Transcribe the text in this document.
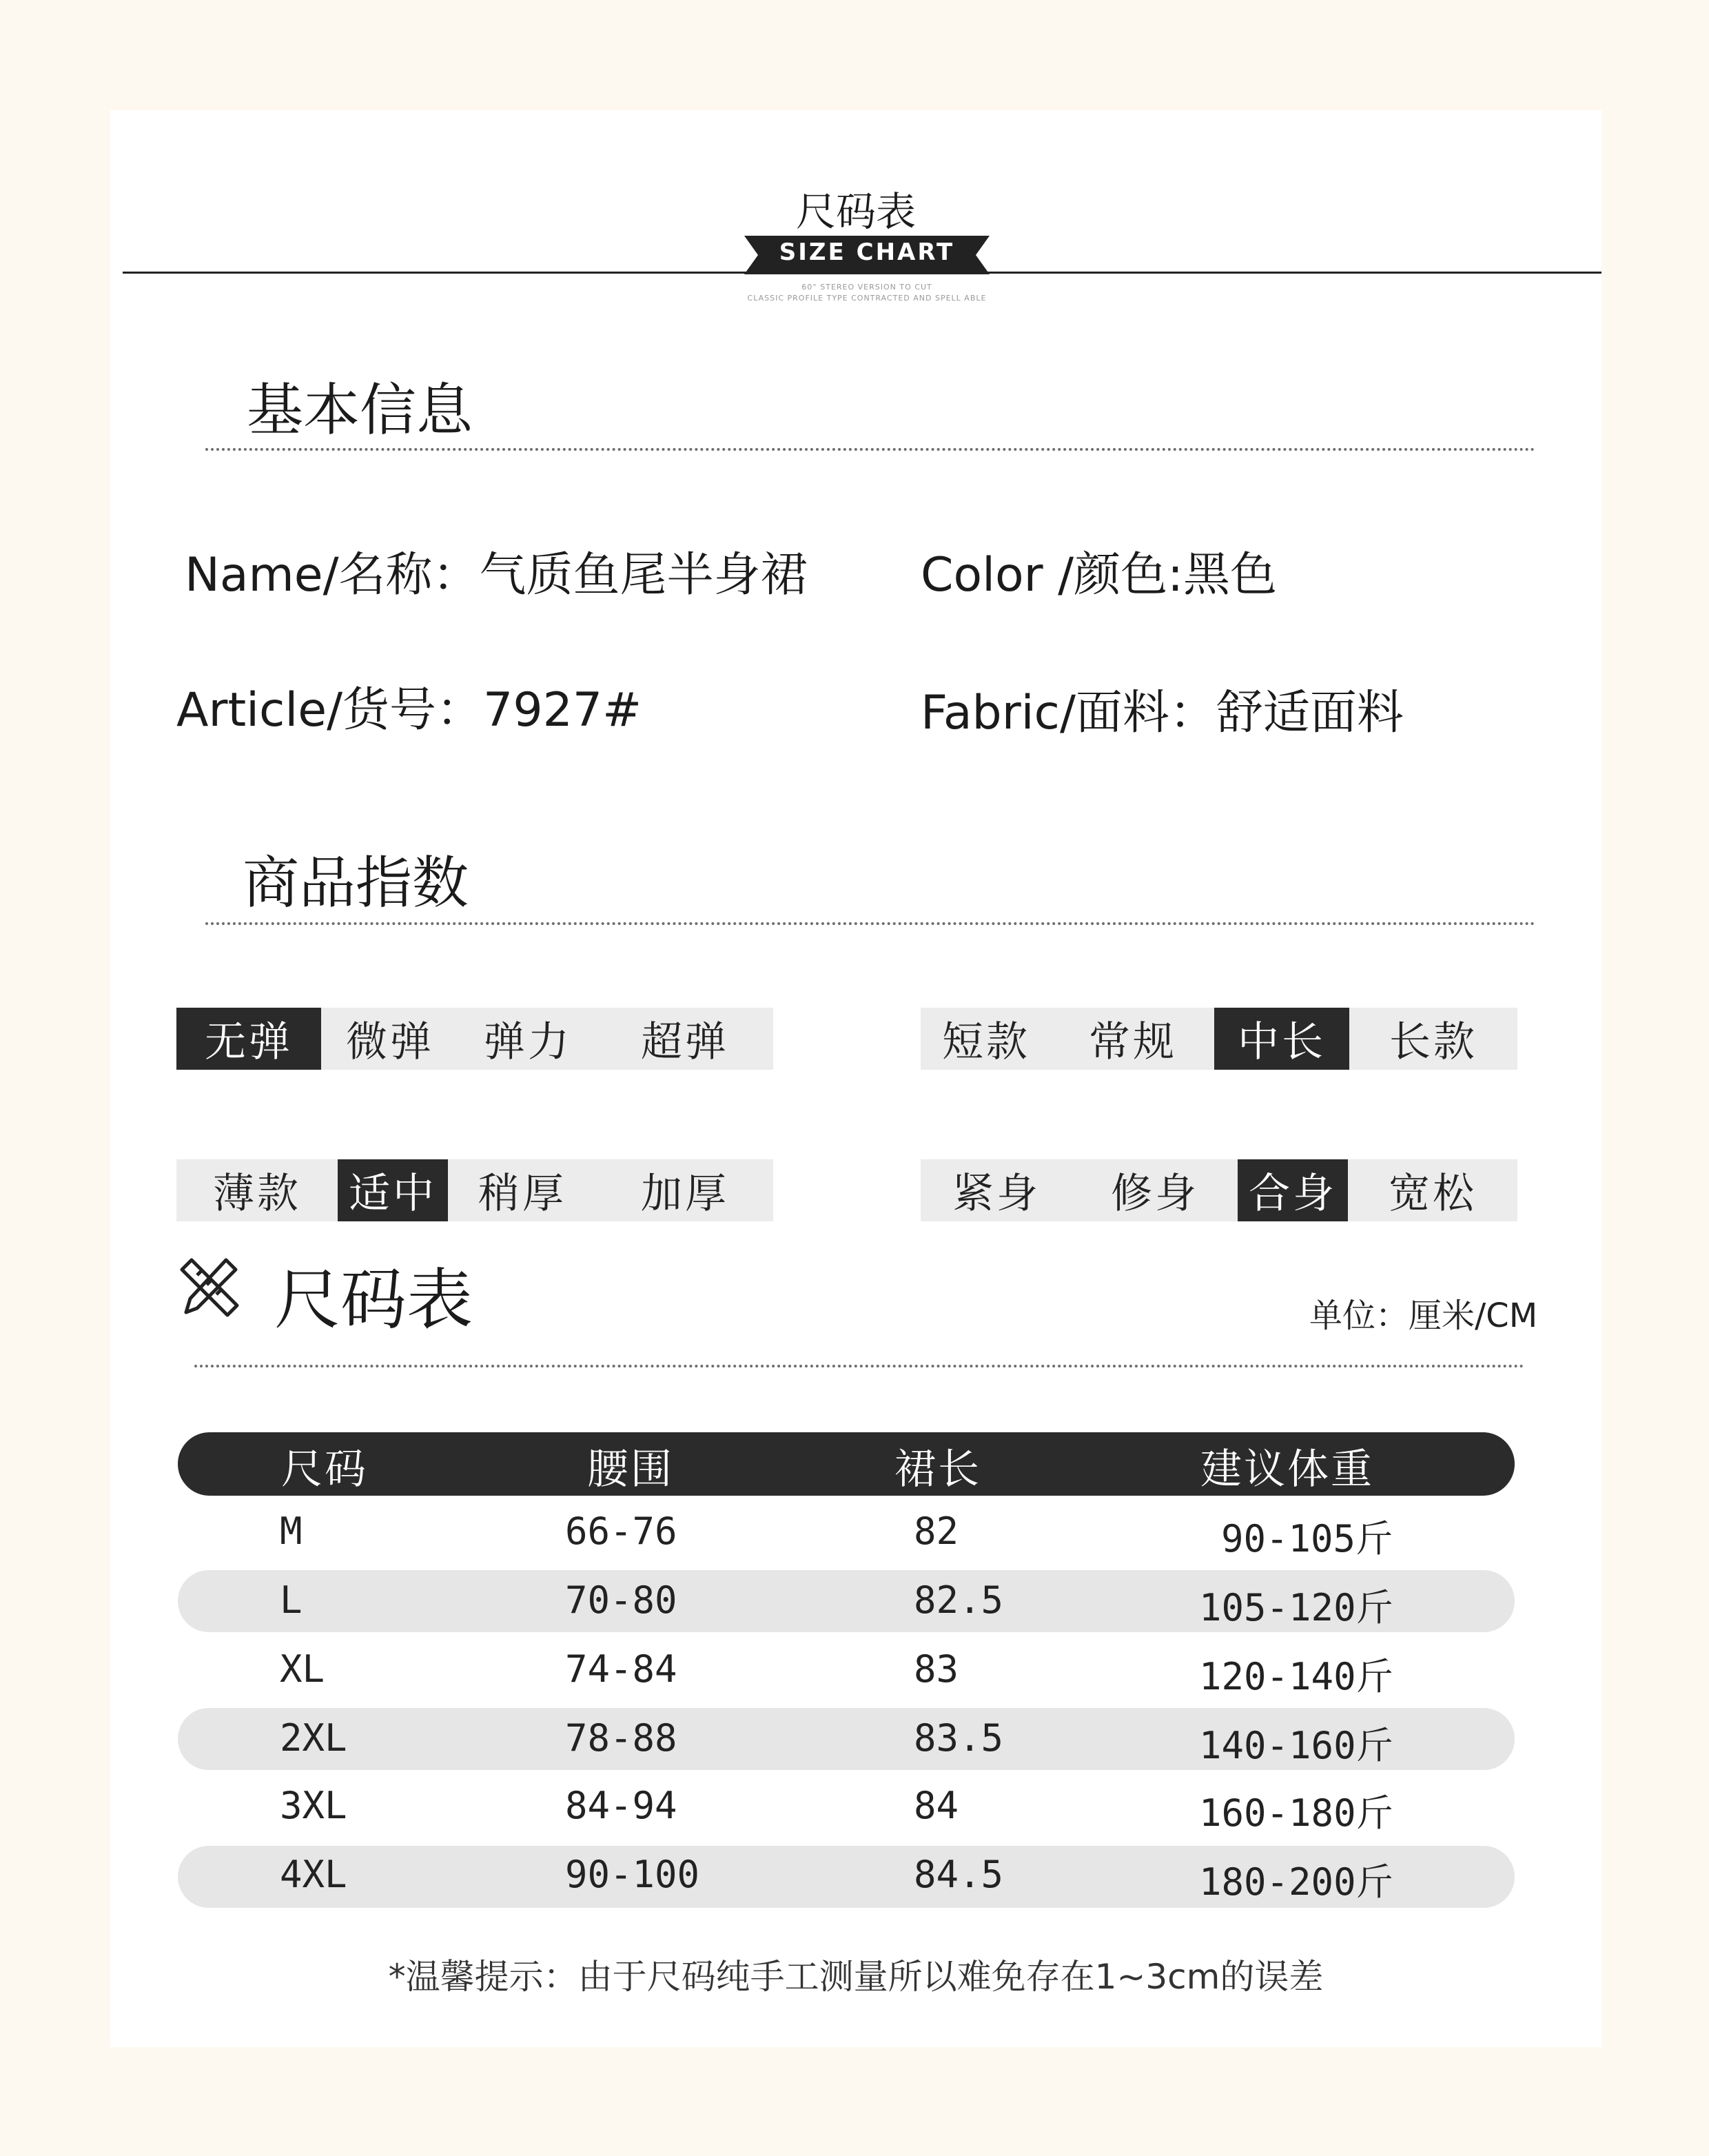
尺码表
SIZE CHART
60° STEREO VERSION TO CUT
CLASSIC PROFILE TYPE CONTRACTED AND SPELL ABLE
基本信息
Name/名称：气质鱼尾半身裙 Color /颜色:黑色
Article/货号：7927#	Fabric/面料：舒适面料
商品指数
无弹	微弹	弹力	超弹	短款	常规	中长	长款
薄款	适中	稍厚	加厚	紧身	修身	合身	宽松
尺码表	单位：厘米/CM
尺码	腰围	裙长	建议体重
M	66-76	82	90-105斤
L	70-80	82.5	105-120斤
XL	74-84	83	120-140斤
2XL	78-88	83.5	140-160斤
3XL	84-94	84	160-180斤
4XL	90-100	84.5	180-200斤
*温馨提示：由于尺码纯手工测量所以难免存在1~3cm的误差
